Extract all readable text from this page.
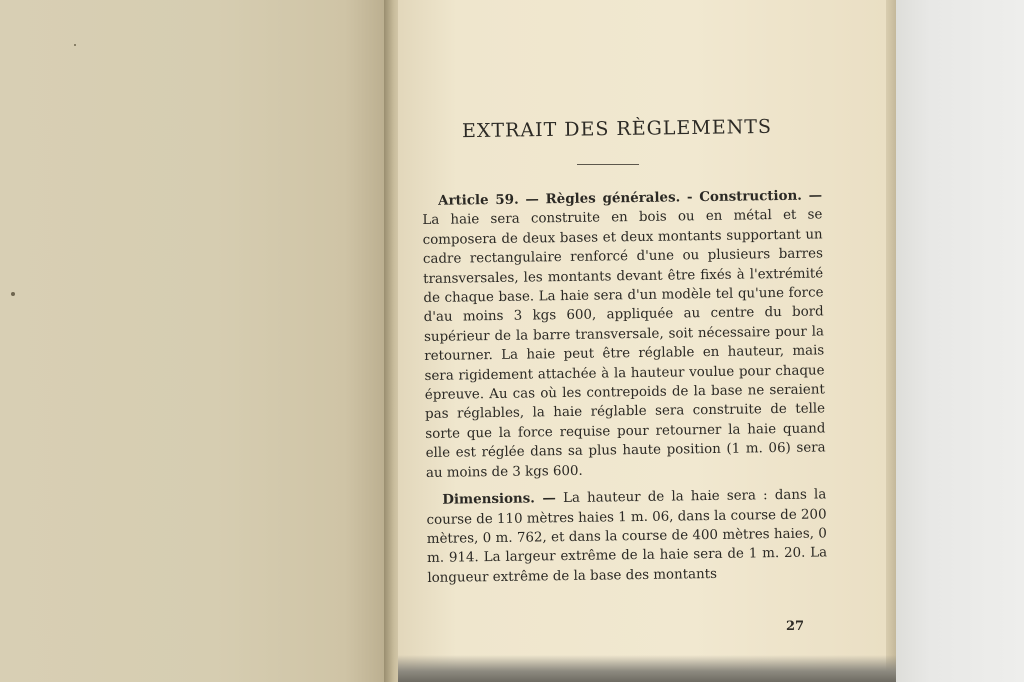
EXTRAIT DES RÈGLEMENTS

Article 59. — Règles générales. - Construction. — La haie sera construite en bois ou en métal et se composera de deux bases et deux montants supportant un cadre rectangulaire renforcé d'une ou plusieurs barres transversales, les montants devant être fixés à l'extrémité de chaque base. La haie sera d'un modèle tel qu'une force d'au moins 3 kgs 600, appliquée au centre du bord supérieur de la barre transversale, soit nécessaire pour la retourner. La haie peut être réglable en hauteur, mais sera rigidement attachée à la hauteur voulue pour chaque épreuve. Au cas où les contrepoids de la base ne seraient pas réglables, la haie réglable sera construite de telle sorte que la force requise pour retourner la haie quand elle est réglée dans sa plus haute position (1 m. 06) sera au moins de 3 kgs 600.

Dimensions. — La hauteur de la haie sera : dans la course de 110 mètres haies 1 m. 06, dans la course de 200 mètres, 0 m. 762, et dans la course de 400 mètres haies, 0 m. 914. La largeur extrême de la haie sera de 1 m. 20. La longueur extrême de la base des montants

27
